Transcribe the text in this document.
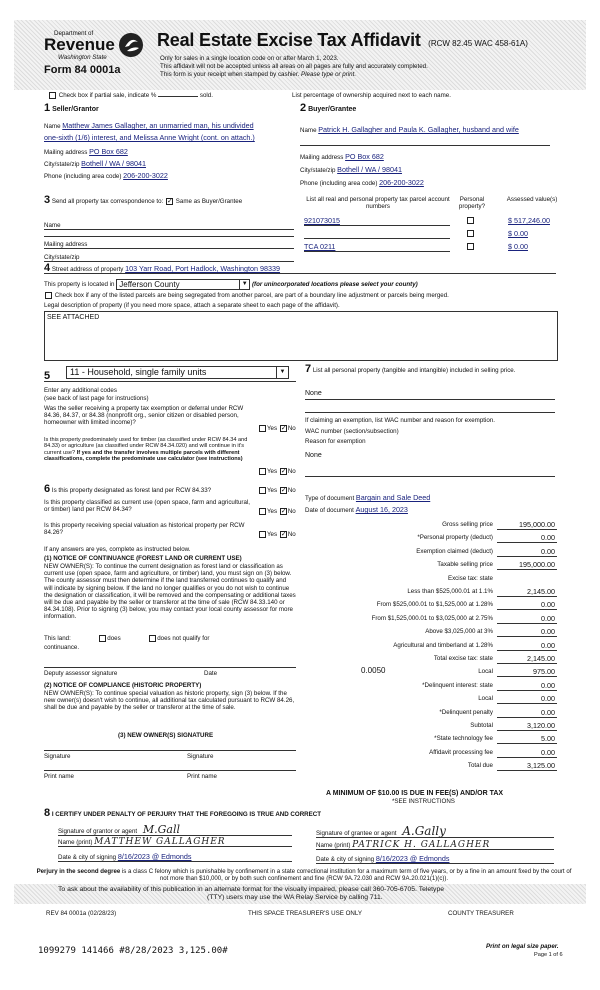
Department of
Revenue
Washington State
Form 84 0001a
Real Estate Excise Tax Affidavit (RCW 82.45 WAC 458-61A)
Only for sales in a single location code on or after March 1, 2023.
This affidavit will not be accepted unless all areas on all pages are fully and accurately completed.
This form is your receipt when stamped by cashier. Please type or print.
Check box if partial sale, indicate %	sold.	List percentage of ownership acquired next to each name.
1 Seller/Grantor
Name Matthew James Gallagher, an unmarried man, his undivided
one-sixth (1/6) interest, and Melissa Anne Wright (cont. on attach.)
Mailing address PO Box 682
City/state/zip Bothell / WA / 98041
Phone (including area code) 206-200-3022
2 Buyer/Grantee
Name Patrick H. Gallagher and Paula K. Gallagher, husband and wife
Mailing address PO Box 682
City/state/zip Bothell / WA / 98041
Phone (including area code) 206-200-3022
3 Send all property tax correspondence to: ✓ Same as Buyer/Grantee
Name
Mailing address
City/state/zip
List all real and personal property tax parcel account numbers
Personal property?
Assessed value(s)
921073015	$ 517,246.00
$ 0.00
TCA 0211	$ 0.00
4 Street address of property 103 Yarr Road, Port Hadlock, Washington 98339
This property is located in Jefferson County	▼ (for unincorporated locations please select your county)
Check box if any of the listed parcels are being segregated from another parcel, are part of a boundary line adjustment or parcels being merged.
Legal description of property (if you need more space, attach a separate sheet to each page of the affidavit).
SEE ATTACHED
5	11 - Household, single family units	▼
Enter any additional codes
(see back of last page for instructions)
Was the seller receiving a property tax exemption or deferral under RCW 84.36, 84.37, or 84.38 (nonprofit org., senior citizen or disabled person, homeowner with limited income)?
Yes ✓No
Is this property predominately used for timber (as classified under RCW 84.34 and 84.33) or agriculture (as classified under RCW 84.34.020) and will continue in it's current use? If yes and the transfer involves multiple parcels with different classifications, complete the predominate use calculator (see instructions)
Yes ✓No
6 Is this property designated as forest land per RCW 84.33?	Yes ✓No
Is this property classified as current use (open space, farm and agricultural, or timber) land per RCW 84.34?	Yes ✓No
Is this property receiving special valuation as historical property per RCW 84.26?	Yes ✓No
If any answers are yes, complete as instructed below.
(1) NOTICE OF CONTINUANCE (FOREST LAND OR CURRENT USE)
NEW OWNER(S): To continue the current designation as forest land or classification as current use (open space, farm and agriculture, or timber) land, you must sign on (3) below. The county assessor must then determine if the land transferred continues to qualify and will indicate by signing below. If the land no longer qualifies or you do not wish to continue the designation or classification, it will be removed and the compensating or additional taxes will be due and payable by the seller or transferor at the time of sale (RCW 84.33.140 or 84.34.108). Prior to signing (3) below, you may contact your local county assessor for more information.
This land:	does	does not qualify for
continuance.
Deputy assessor signature	Date
(2) NOTICE OF COMPLIANCE (HISTORIC PROPERTY)
NEW OWNER(S): To continue special valuation as historic property, sign (3) below. If the new owner(s) doesn't wish to continue, all additional tax calculated pursuant to RCW 84.26, shall be due and payable by the seller or transferor at the time of sale.
(3) NEW OWNER(S) SIGNATURE
Signature	Signature
Print name	Print name
7 List all personal property (tangible and intangible) included in selling price.
None
If claiming an exemption, list WAC number and reason for exemption.
WAC number (section/subsection)
Reason for exemption
None
Type of document Bargain and Sale Deed
Date of document August 16, 2023
Gross selling price	195,000.00
*Personal property (deduct)	0.00
Exemption claimed (deduct)	0.00
Taxable selling price	195,000.00
Excise tax: state
Less than $525,000.01 at 1.1%	2,145.00
From $525,000.01 to $1,525,000 at 1.28%	0.00
From $1,525,000.01 to $3,025,000 at 2.75%	0.00
Above $3,025,000 at 3%	0.00
Agricultural and timberland at 1.28%	0.00
Total excise tax: state	2,145.00
Local	975.00
0.0050
*Delinquent interest: state	0.00
Local	0.00
*Delinquent penalty	0.00
Subtotal	3,120.00
*State technology fee	5.00
Affidavit processing fee	0.00
Total due	3,125.00
A MINIMUM OF $10.00 IS DUE IN FEE(S) AND/OR TAX
*SEE INSTRUCTIONS
8 I CERTIFY UNDER PENALTY OF PERJURY THAT THE FOREGOING IS TRUE AND CORRECT
Signature of grantor or agent M.Gall
Name (print) MATTHEW GALLAGHER
Date & city of signing 8/16/2023 @ Edmonds
Signature of grantee or agent A.Gally
Name (print) PATRICK H. GALLAGHER
Date & city of signing 8/16/2023 @ Edmonds
Perjury in the second degree is a class C felony which is punishable by confinement in a state correctional institution for a maximum term of five years, or by a fine in an amount fixed by the court of not more than $10,000, or by both such confinement and fine (RCW 9A.72.030 and RCW 9A.20.021(1)(c)).
To ask about the availability of this publication in an alternate format for the visually impaired, please call 360-705-6705. Teletype
(TTY) users may use the WA Relay Service by calling 711.
REV 84 0001a (02/28/23)	THIS SPACE TREASURER'S USE ONLY	COUNTY TREASURER
1099279 141466 #8/28/2023 3,125.00#	Print on legal size paper.
Page 1 of 6
